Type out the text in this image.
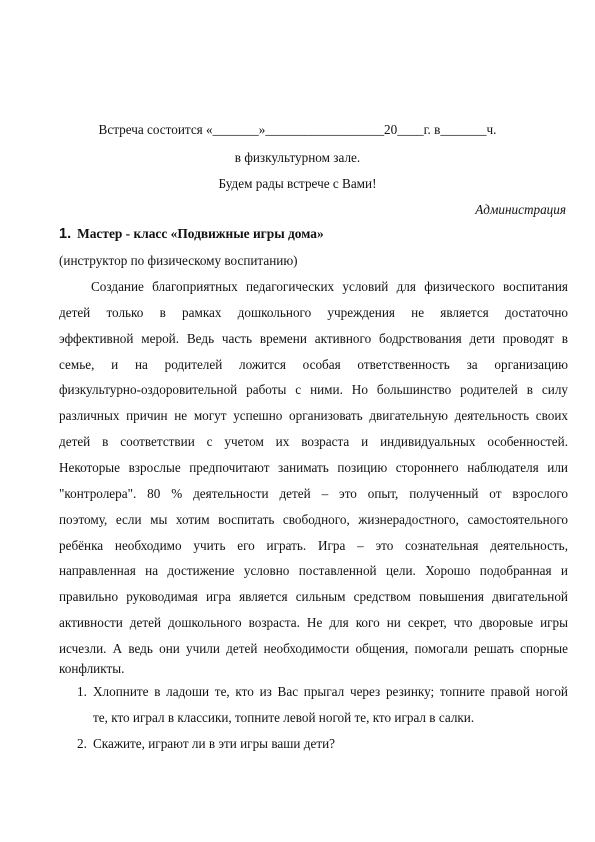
Встреча состоится «_______»__________________20____г. в_______ч.
в физкультурном зале.
Будем рады встрече с Вами!
Администрация
1. Мастер - класс «Подвижные игры дома»
(инструктор по физическому воспитанию)
Создание благоприятных педагогических условий для физического воспитания
детей только в рамках дошкольного учреждения не является достаточно
эффективной мерой. Ведь часть времени активного бодрствования дети проводят в
семье, и на родителей ложится особая ответственность за организацию
физкультурно-оздоровительной работы с ними. Но большинство родителей в силу
различных причин не могут успешно организовать двигательную деятельность своих
детей в соответствии с учетом их возраста и индивидуальных особенностей.
Некоторые взрослые предпочитают занимать позицию стороннего наблюдателя или
"контролера". 80 % деятельности детей – это опыт, полученный от взрослого
поэтому, если мы хотим воспитать свободного, жизнерадостного, самостоятельного
ребёнка необходимо учить его играть. Игра – это сознательная деятельность,
направленная на достижение условно поставленной цели. Хорошо подобранная и
правильно руководимая игра является сильным средством повышения двигательной
активности детей дошкольного возраста. Не для кого ни секрет, что дворовые игры
исчезли. А ведь они учили детей необходимости общения, помогали решать спорные
конфликты.
1. Хлопните в ладоши те, кто из Вас прыгал через резинку; топните правой ногой
те, кто играл в классики, топните левой ногой те, кто играл в салки.
2. Скажите, играют ли в эти игры ваши дети?
